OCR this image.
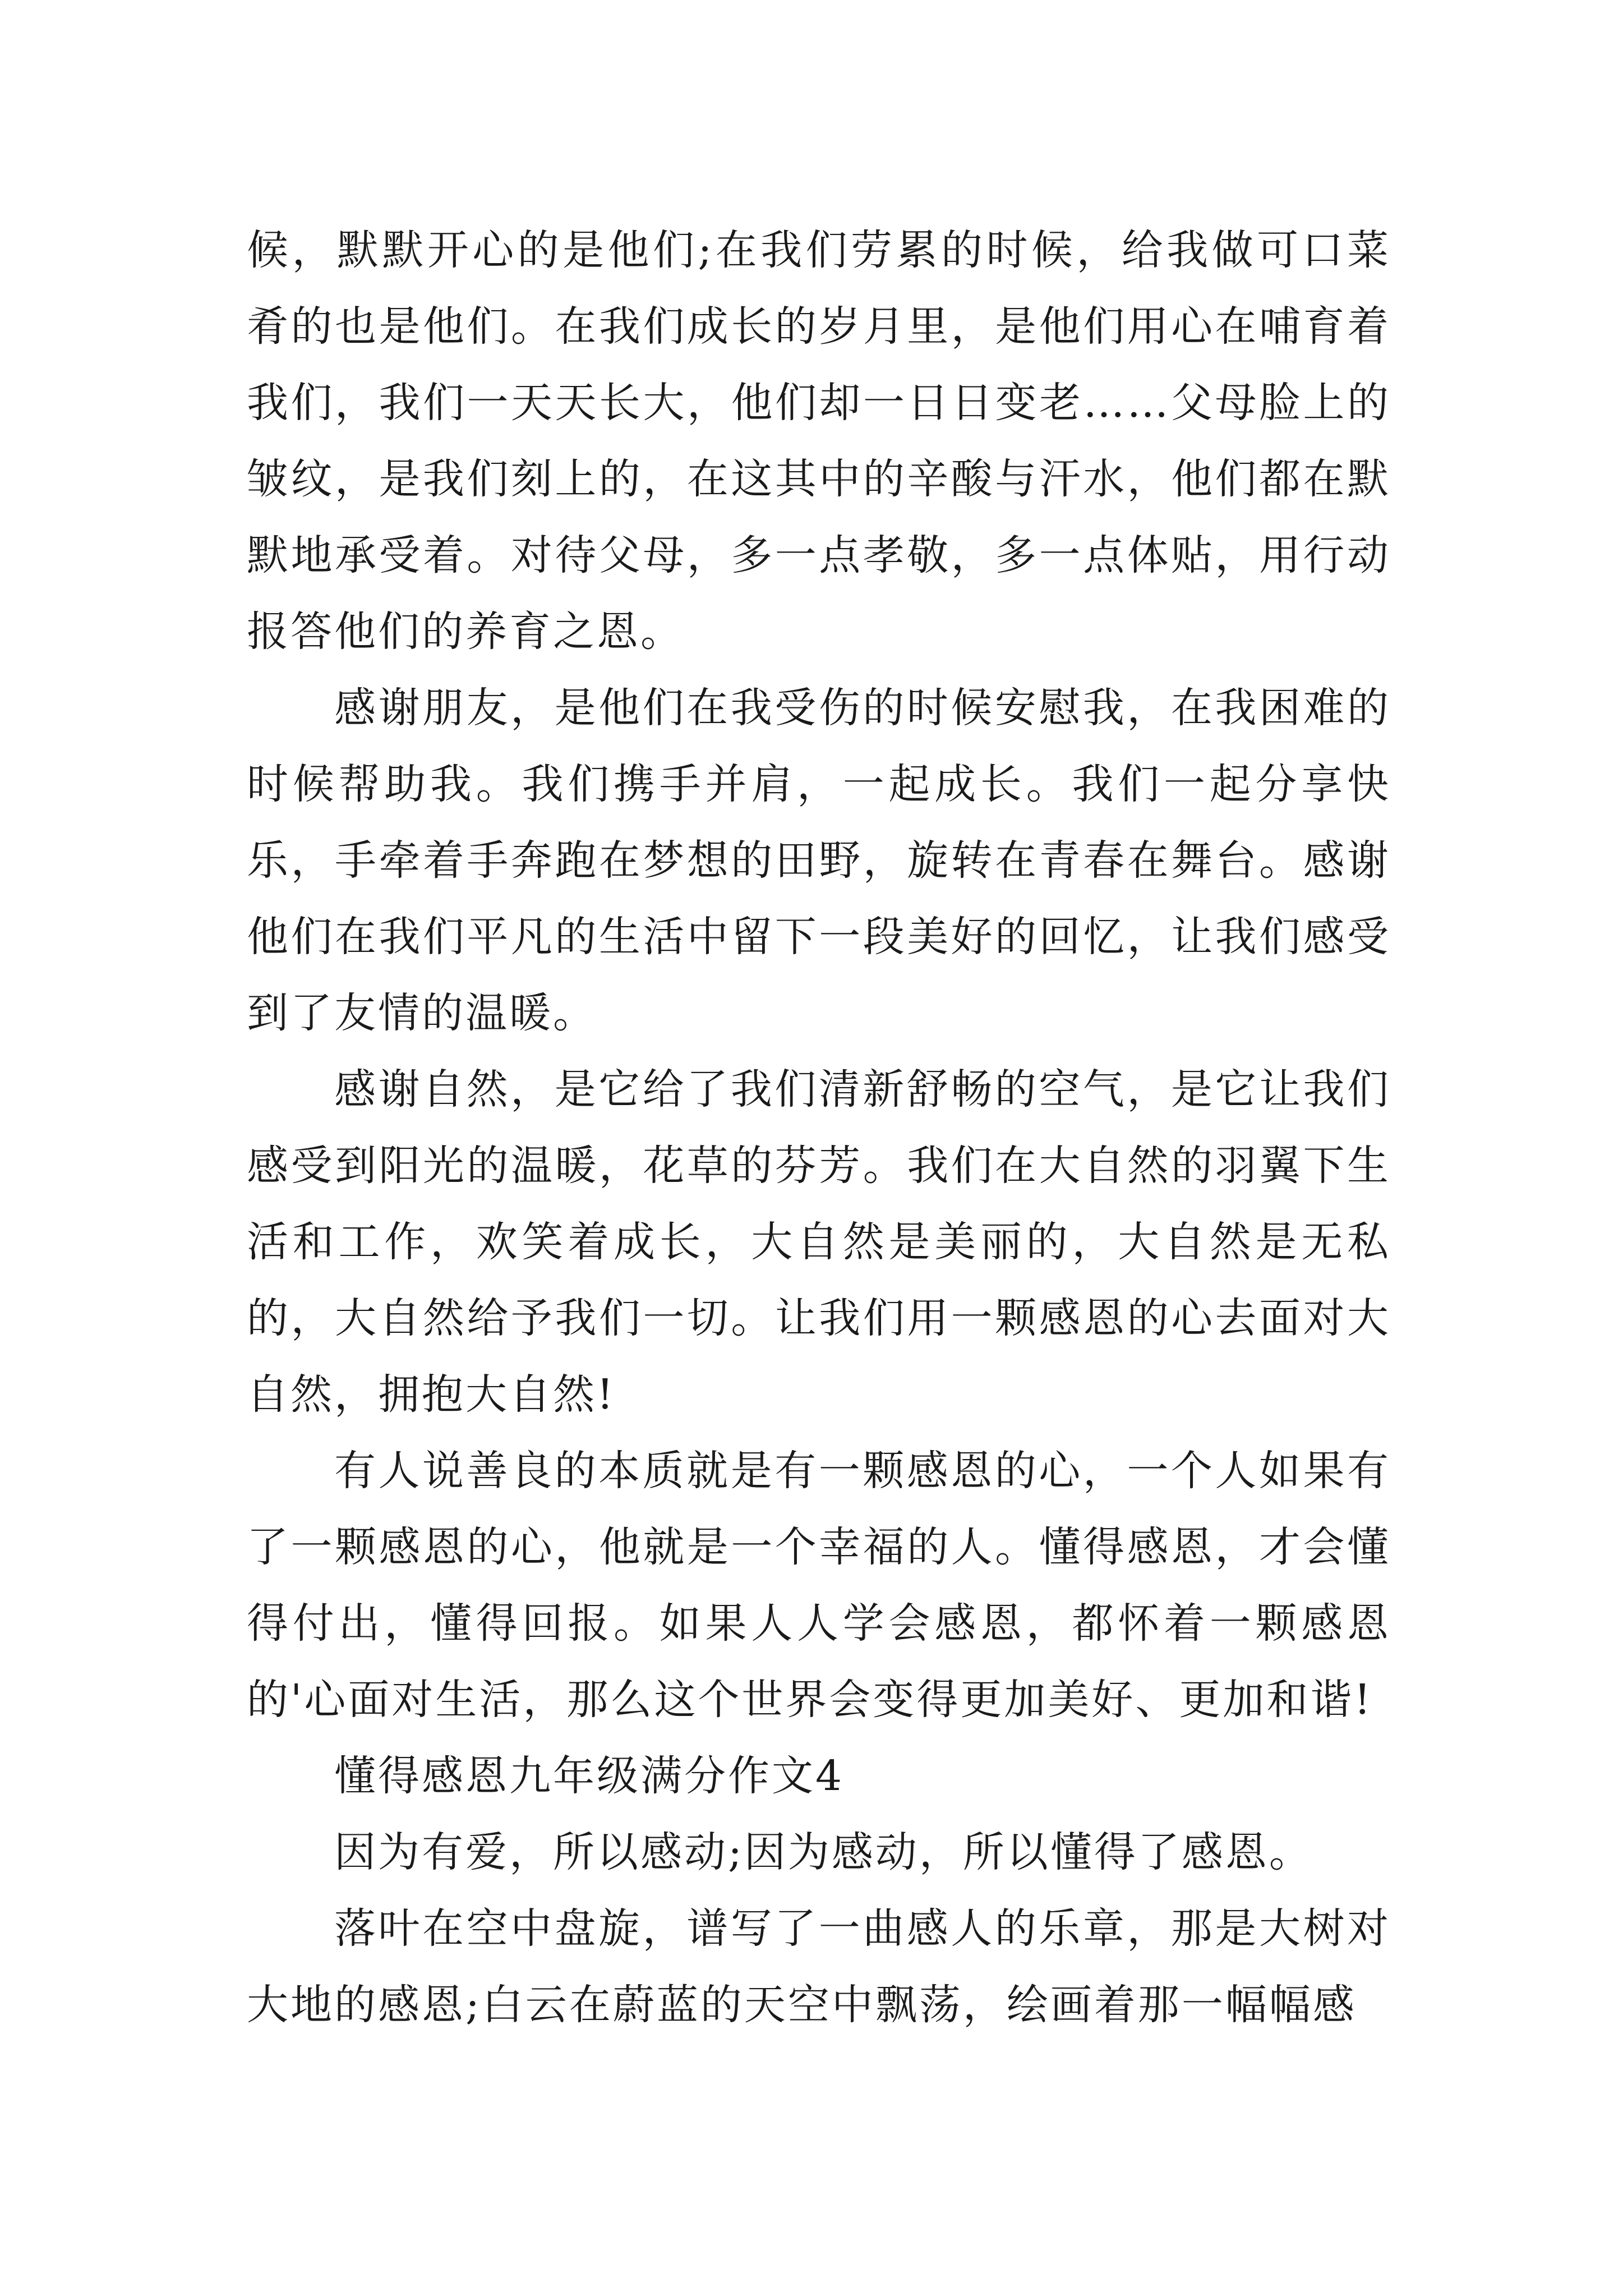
候，默默开心的是他们;在我们劳累的时候，给我做可口菜肴的也是他们。在我们成长的岁月里，是他们用心在哺育着我们，我们一天天长大，他们却一日日变老……父母脸上的皱纹，是我们刻上的，在这其中的辛酸与汗水，他们都在默默地承受着。对待父母，多一点孝敬，多一点体贴，用行动报答他们的养育之恩。

感谢朋友，是他们在我受伤的时候安慰我，在我困难的时候帮助我。我们携手并肩，一起成长。我们一起分享快乐，手牵着手奔跑在梦想的田野，旋转在青春在舞台。感谢他们在我们平凡的生活中留下一段美好的回忆，让我们感受到了友情的温暖。

感谢自然，是它给了我们清新舒畅的空气，是它让我们感受到阳光的温暖，花草的芬芳。我们在大自然的羽翼下生活和工作，欢笑着成长，大自然是美丽的，大自然是无私的，大自然给予我们一切。让我们用一颗感恩的心去面对大自然，拥抱大自然!

有人说善良的本质就是有一颗感恩的心，一个人如果有了一颗感恩的心，他就是一个幸福的人。懂得感恩，才会懂得付出，懂得回报。如果人人学会感恩，都怀着一颗感恩的'心面对生活，那么这个世界会变得更加美好、更加和谐!

懂得感恩九年级满分作文4

因为有爱，所以感动;因为感动，所以懂得了感恩。

落叶在空中盘旋，谱写了一曲感人的乐章，那是大树对大地的感恩;白云在蔚蓝的天空中飘荡，绘画着那一幅幅感
